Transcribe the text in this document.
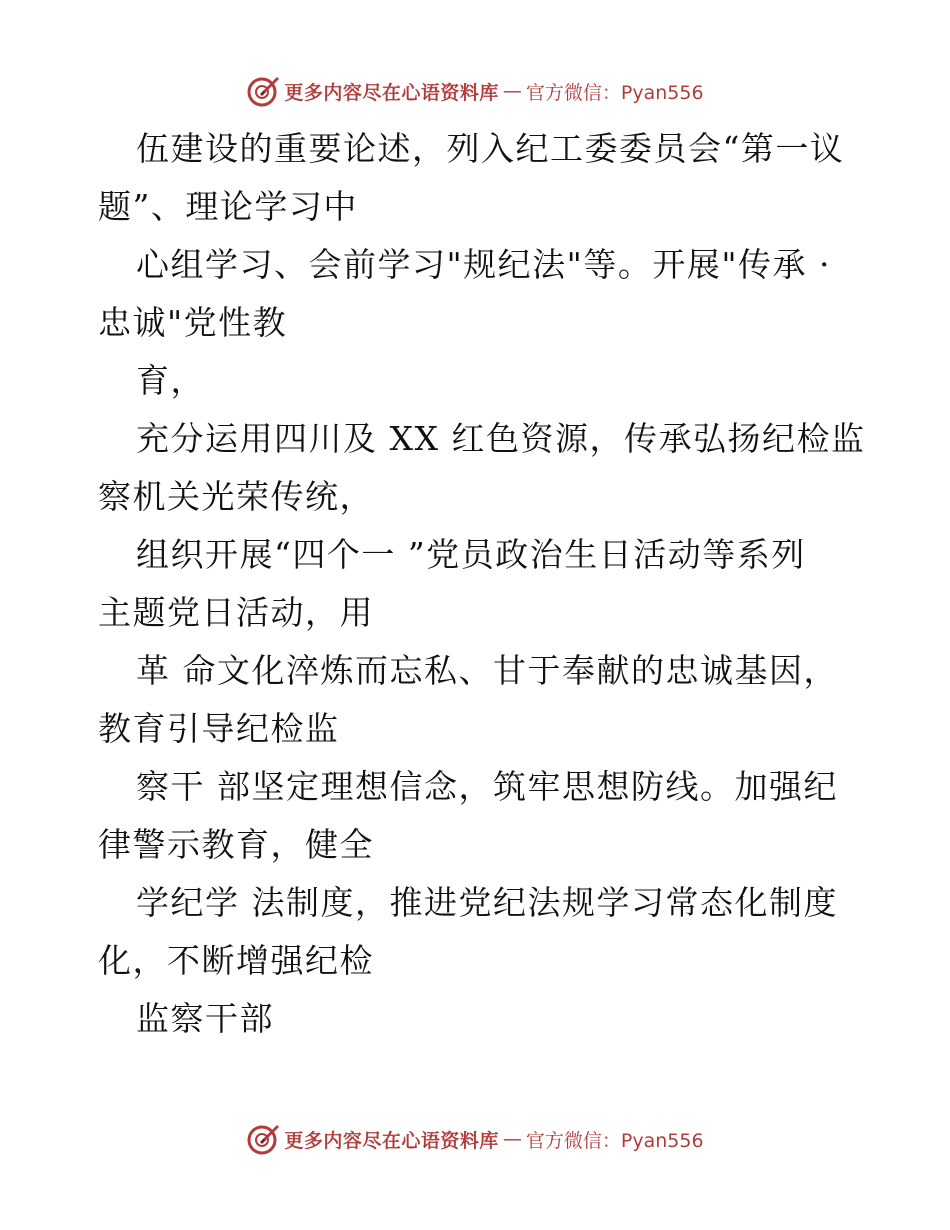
更多内容尽在心语资料库 — 官方微信：Pyan556
伍建设的重要论述，列入纪工委委员会“第一议
题”、理论学习中
心组学习、会前学习"规纪法"等。开展"传承 ·
忠诚"党性教
育，
充分运用四川及 XX 红色资源，传承弘扬纪检监
察机关光荣传统，
组织开展“四个一 ”党员政治生日活动等系列
主题党日活动，用
革 命文化淬炼而忘私、甘于奉献的忠诚基因，
教育引导纪检监
察干 部坚定理想信念，筑牢思想防线。加强纪
律警示教育，健全
学纪学 法制度，推进党纪法规学习常态化制度
化，不断增强纪检
监察干部
更多内容尽在心语资料库 — 官方微信：Pyan556
